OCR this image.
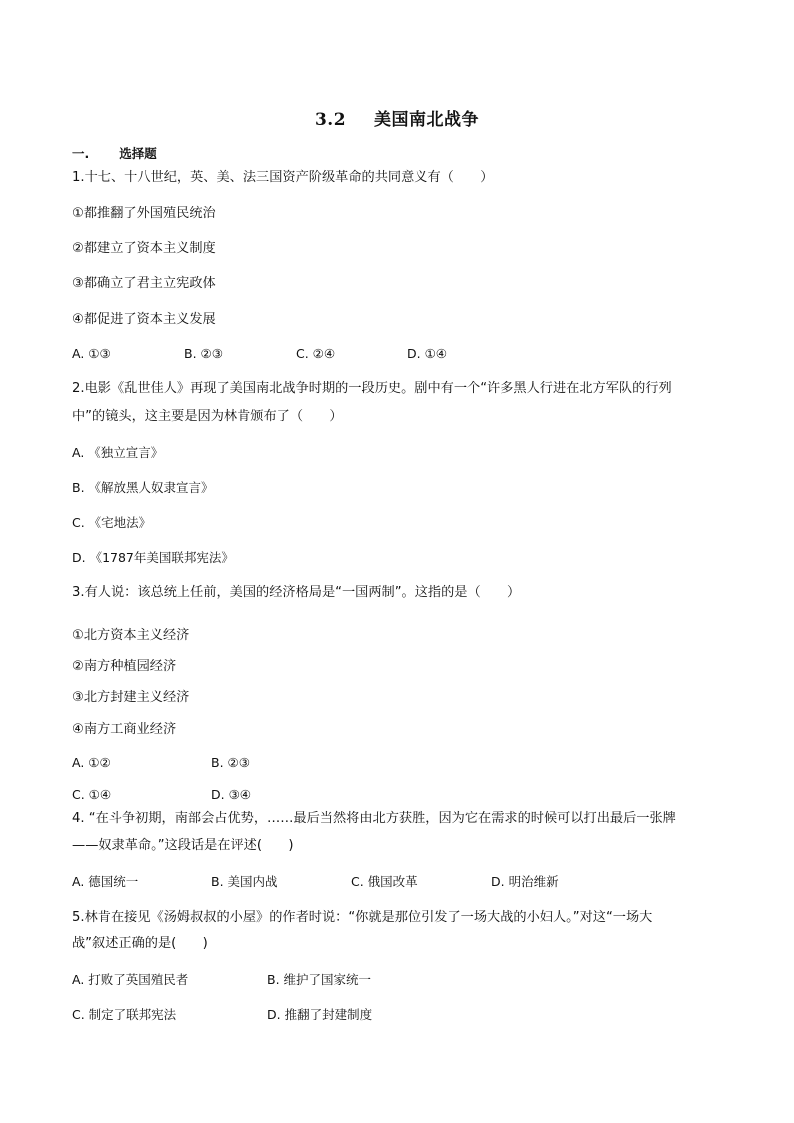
3.2 美国南北战争
一. 选择题
1.十七、十八世纪，英、美、法三国资产阶级革命的共同意义有（　　）
①都推翻了外国殖民统治
②都建立了资本主义制度
③都确立了君主立宪政体
④都促进了资本主义发展
A. ①③	B. ②③	C. ②④	D. ①④
2.电影《乱世佳人》再现了美国南北战争时期的一段历史。剧中有一个“许多黑人行进在北方军队的行列
中”的镜头，这主要是因为林肯颁布了（　　）
A. 《独立宣言》
B. 《解放黑人奴隶宣言》
C. 《宅地法》
D. 《1787年美国联邦宪法》
3.有人说：该总统上任前，美国的经济格局是“一国两制”。这指的是（　　）
①北方资本主义经济
②南方种植园经济
③北方封建主义经济
④南方工商业经济
A. ①②	B. ②③
C. ①④	D. ③④
4. “在斗争初期，南部会占优势，……最后当然将由北方获胜，因为它在需求的时候可以打出最后一张牌
——奴隶革命。”这段话是在评述(　　)
A. 德国统一	B. 美国内战	C. 俄国改革	D. 明治维新
5.林肯在接见《汤姆叔叔的小屋》的作者时说：“你就是那位引发了一场大战的小妇人。”对这“一场大
战”叙述正确的是(　　)
A. 打败了英国殖民者	B. 维护了国家统一
C. 制定了联邦宪法	D. 推翻了封建制度
